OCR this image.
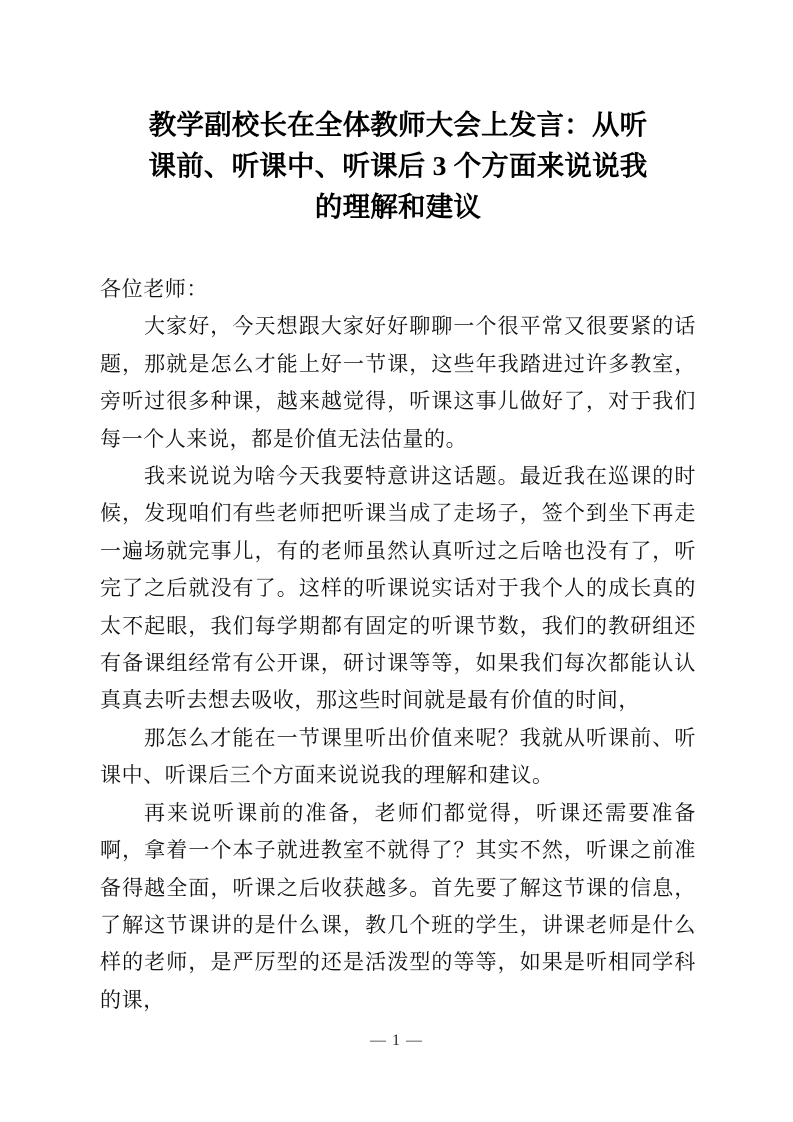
教学副校长在全体教师大会上发言：从听
课前、听课中、听课后 3 个方面来说说我
的理解和建议

各位老师：

大家好，今天想跟大家好好聊聊一个很平常又很要紧的话题，那就是怎么才能上好一节课，这些年我踏进过许多教室，旁听过很多种课，越来越觉得，听课这事儿做好了，对于我们每一个人来说，都是价值无法估量的。

我来说说为啥今天我要特意讲这话题。最近我在巡课的时候，发现咱们有些老师把听课当成了走场子，签个到坐下再走一遍场就完事儿，有的老师虽然认真听过之后啥也没有了，听完了之后就没有了。这样的听课说实话对于我个人的成长真的太不起眼，我们每学期都有固定的听课节数，我们的教研组还有备课组经常有公开课，研讨课等等，如果我们每次都能认认真真去听去想去吸收，那这些时间就是最有价值的时间，

那怎么才能在一节课里听出价值来呢？我就从听课前、听课中、听课后三个方面来说说我的理解和建议。

再来说听课前的准备，老师们都觉得，听课还需要准备啊，拿着一个本子就进教室不就得了？其实不然，听课之前准备得越全面，听课之后收获越多。首先要了解这节课的信息，了解这节课讲的是什么课，教几个班的学生，讲课老师是什么样的老师，是严厉型的还是活泼型的等等，如果是听相同学科的课，

— 1 —
